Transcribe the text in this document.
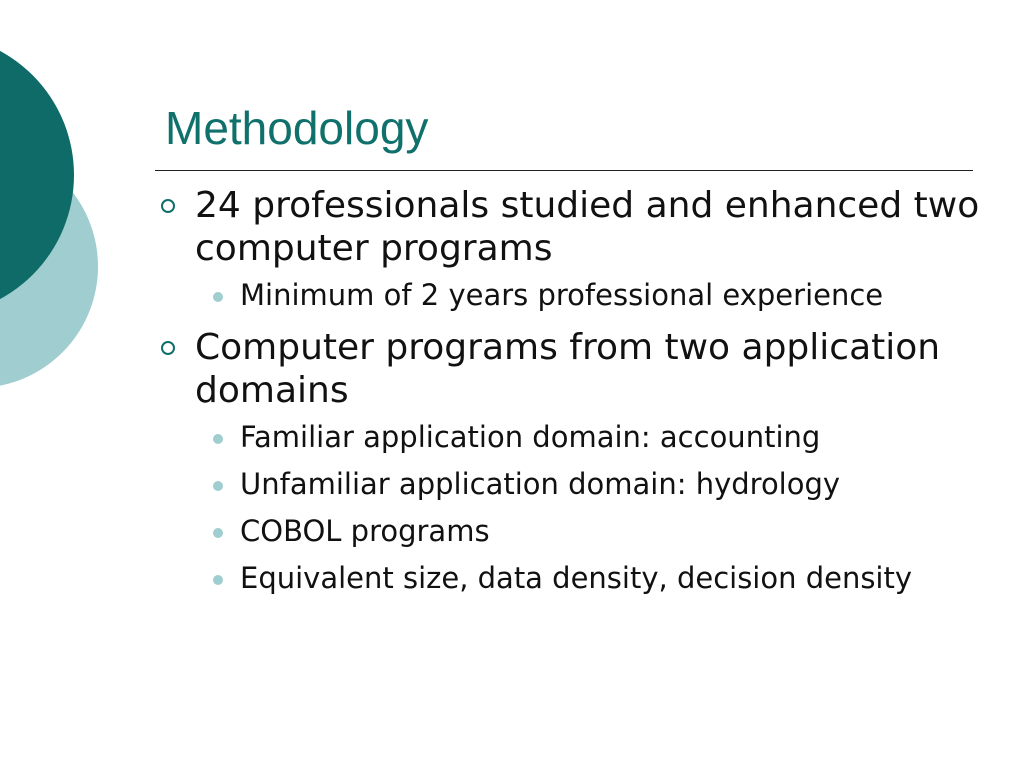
Methodology
24 professionals studied and enhanced two computer programs
Minimum of 2 years professional experience
Computer programs from two application domains
Familiar application domain: accounting
Unfamiliar application domain: hydrology
COBOL programs
Equivalent size, data density, decision density
